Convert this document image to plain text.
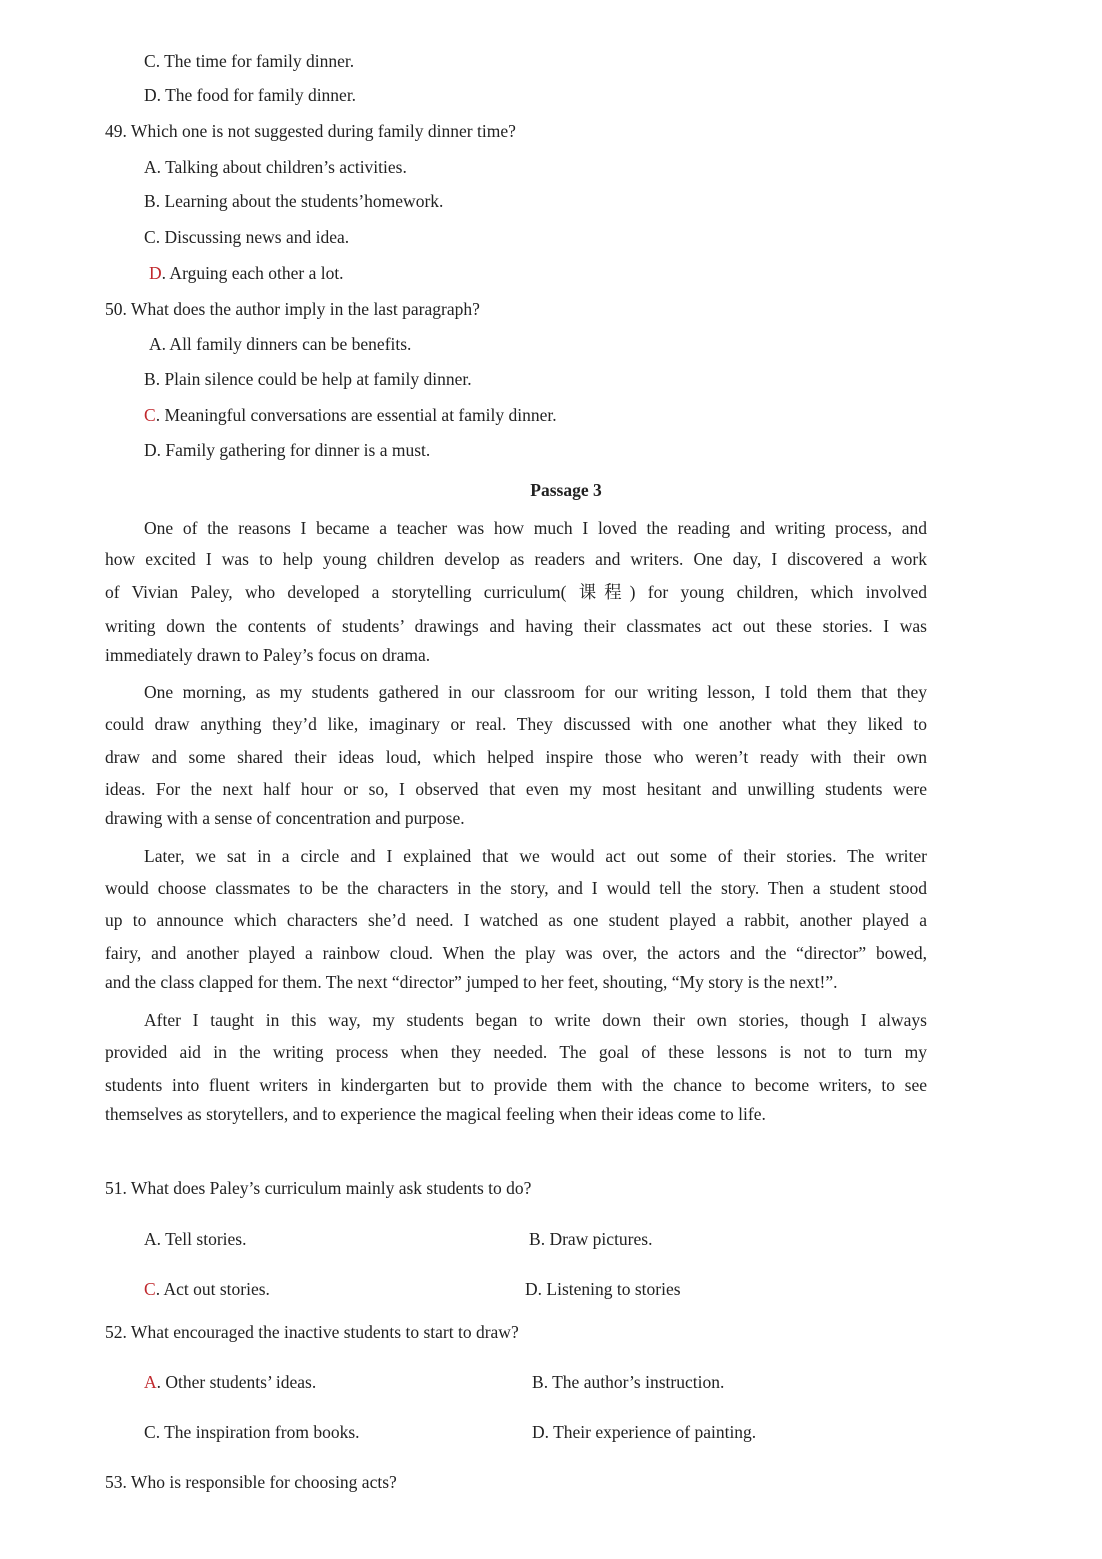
C. The time for family dinner.
D. The food for family dinner.
49. Which one is not suggested during family dinner time?
A. Talking about children’s activities.
B. Learning about the students’homework.
C. Discussing news and idea.
D. Arguing each other a lot.
50. What does the author imply in the last paragraph?
A. All family dinners can be benefits.
B. Plain silence could be help at family dinner.
C. Meaningful conversations are essential at family dinner.
D. Family gathering for dinner is a must.
Passage 3
One of the reasons I became a teacher was how much I loved the reading and writing process, and
how excited I was to help young children develop as readers and writers. One day, I discovered a work
of Vivian Paley, who developed a storytelling curriculum( 课程) for young children, which involved
writing down the contents of students’ drawings and having their classmates act out these stories. I was
immediately drawn to Paley’s focus on drama.
One morning, as my students gathered in our classroom for our writing lesson, I told them that they
could draw anything they’d like, imaginary or real. They discussed with one another what they liked to
draw and some shared their ideas loud, which helped inspire those who weren’t ready with their own
ideas. For the next half hour or so, I observed that even my most hesitant and unwilling students were
drawing with a sense of concentration and purpose.
Later, we sat in a circle and I explained that we would act out some of their stories. The writer
would choose classmates to be the characters in the story, and I would tell the story. Then a student stood
up to announce which characters she’d need. I watched as one student played a rabbit, another played a
fairy, and another played a rainbow cloud. When the play was over, the actors and the “director” bowed,
and the class clapped for them. The next “director” jumped to her feet, shouting, “My story is the next!”.
After I taught in this way, my students began to write down their own stories, though I always
provided aid in the writing process when they needed. The goal of these lessons is not to turn my
students into fluent writers in kindergarten but to provide them with the chance to become writers, to see
themselves as storytellers, and to experience the magical feeling when their ideas come to life.
51. What does Paley’s curriculum mainly ask students to do?
A. Tell stories.	B. Draw pictures.
C. Act out stories.	D. Listening to stories
52. What encouraged the inactive students to start to draw?
A. Other students’ ideas.	B. The author’s instruction.
C. The inspiration from books.	D. Their experience of painting.
53. Who is responsible for choosing acts?
